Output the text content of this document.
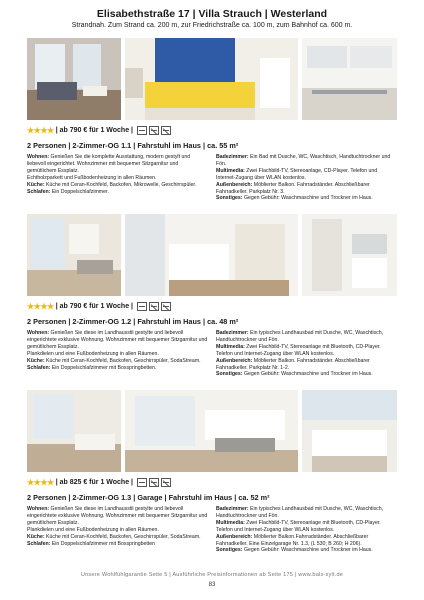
Elisabethstraße 17 | Villa Strauch | Westerland
Strandnah. Zum Strand ca. 200 m, zur Friedrichstraße ca. 100 m, zum Bahnhof ca. 600 m.
★★★★ | ab 790 € für 1 Woche |
2 Personen | 2-Zimmer-OG 1.1 | Fahrstuhl im Haus | ca. 55 m²

Wohnen: Genießen Sie die komplette Ausstattung, modern gestylt und liebevoll eingerichtet. Wohnzimmer mit bequemer Sitzgarnitur und gemütlichem Essplatz.

Echtholzparkett und Fußbodenheizung in allen Räumen.

Küche: Küche mit Ceran-Kochfeld, Backofen, Mikrowelle, Geschirrspüler.

Schlafen: Ein Doppelschlafzimmer.

Badezimmer: Ein Bad mit Dusche, WC, Waschtisch, Handtuchtrockner und Fön.

Multimedia: Zwei Flachbild-TV, Stereoanlage, CD-Player. Telefon und Internet-Zugang über WLAN kostenlos.

Außenbereich: Möblierter Balkon. Fahrradständer. Abschließbarer Fahrradkeller. Parkplatz Nr. 3.

Sonstiges: Gegen Gebühr: Waschmaschine und Trockner im Haus.

★★★★ | ab 790 € für 1 Woche |
2 Personen | 2-Zimmer-OG 1.2 | Fahrstuhl im Haus | ca. 48 m²

Wohnen: Genießen Sie diese im Landhausstil gestylte und liebevoll eingerichtete exklusive Wohnung. Wohnzimmer mit bequemer Sitzgarnitur und gemütlichem Essplatz.

Plankdielen und eine Fußbodenheizung in allen Räumen.

Küche: Küche mit Ceran-Kochfeld, Backofen, Geschirrspüler, SodaStream.

Schlafen: Ein Doppelschlafzimmer mit Boxspringbetten.

Badezimmer: Ein typisches Landhausbad mit Dusche, WC, Waschtisch, Handtuchtrockner und Fön.

Multimedia: Zwei Flachbild-TV, Stereoanlage mit Bluetooth, CD-Player. Telefon und Internet-Zugang über WLAN kostenlos.

Außenbereich: Möblierter Balkon. Fahrradständer. Abschließbarer Fahrradkeller. Parkplatz Nr. 1-2.

Sonstiges: Gegen Gebühr: Waschmaschine und Trockner im Haus.

★★★★ | ab 825 € für 1 Woche |
2 Personen | 2-Zimmer-OG 1.3 | Garage | Fahrstuhl im Haus | ca. 52 m²

Wohnen: Genießen Sie diese im Landhausstil gestylte und liebevoll eingerichtete exklusive Wohnung. Wohnzimmer mit bequemer Sitzgarnitur und gemütlichem Essplatz.

Plankdielen und eine Fußbodenheizung in allen Räumen.

Küche: Küche mit Ceran-Kochfeld, Backofen, Geschirrspüler, SodaStream.

Schlafen: Ein Doppelschlafzimmer mit Boxspringbetten

Badezimmer: Ein typisches Landhausbad mit Dusche, WC, Waschtisch, Handtuchtrockner und Fön.

Multimedia: Zwei Flachbild-TV, Stereoanlage mit Bluetooth, CD-Player. Telefon und Internet-Zugang über WLAN kostenlos.

Außenbereich: Möblierter Balkon.Fahrradständer. Abschließbarer Fahrradkeller. Eine Einzelgarage Nr. 1.3, (L 530; B 260; H 206).

Sonstiges: Gegen Gebühr: Waschmaschine und Trockner im Haus.

Unsere Wohlfühlgarantie Seite 5 | Ausführliche Preisinformationen ab Seite 175 | www.bals-sylt.de
83
